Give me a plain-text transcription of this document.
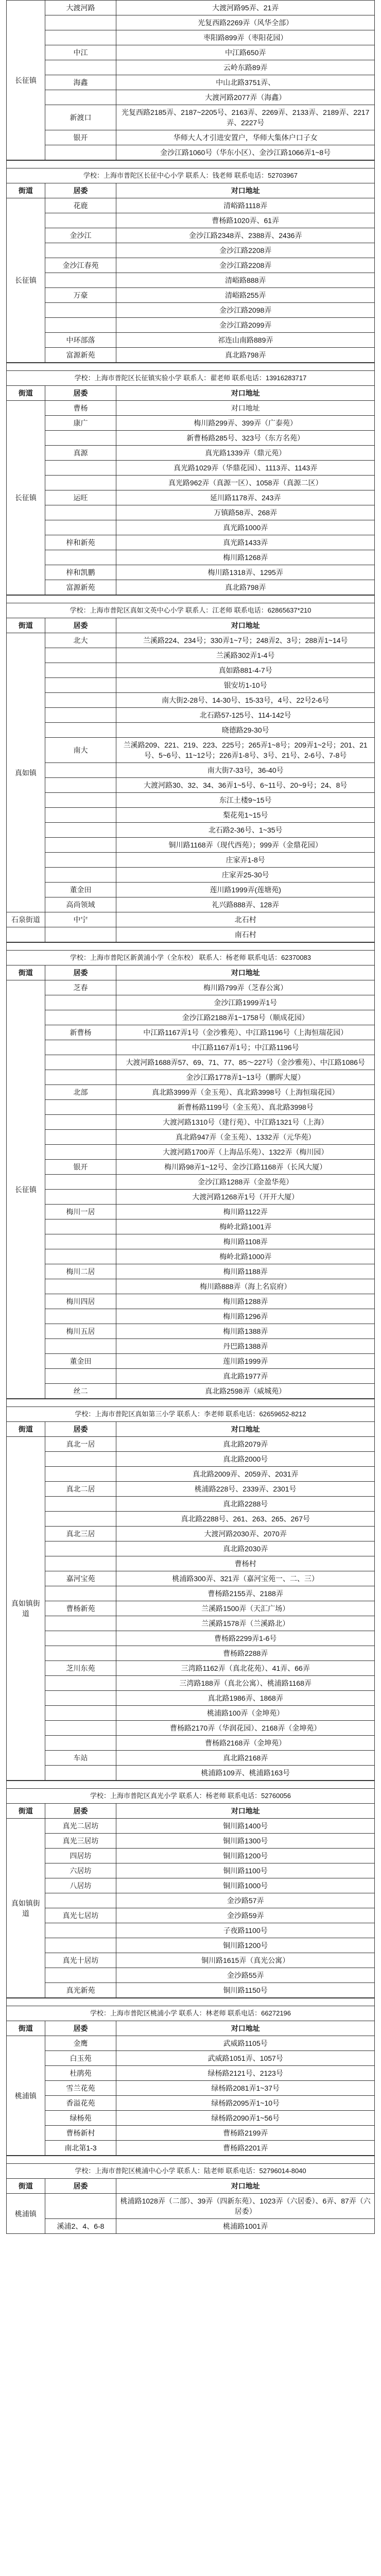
长征镇	大渡河路	大渡河路95弄、21弄
		光复西路2269弄（风华全部）
		枣阳路899弄（枣阳花园）
	中江	中江路650弄
		云岭东路89弄
	海鑫	中山北路3751弄、
		大渡河路2077弄（海鑫）
	新渡口	光复西路2185弄、2187~2205号、2163弄、2269弄、2133弄、2189弄、2217弄、2227号
	银开	华师大人才引进安置户，华师大集体户口子女
		金沙江路1060号（华东小区）、金沙江路1066弄1~8号

学校：上海市普陀区长征中心小学 联系人：钱老师 联系电话：52703967		
街道	居委	对口地址
长征镇	花鹿	清峪路1118弄
		曹杨路1020弄、61弄
	金沙江	金沙江路2348弄、2388弄、2436弄
		金沙江路2208弄
	金沙江春苑	金沙江路2208弄
		清峪路888弄
	万豪	清峪路255弄
		金沙江路2098弄
		金沙江路2099弄
	中环部落	祁连山南路889弄
	富源新苑	真北路798弄

学校：上海市普陀区长征镇实验小学 联系人：翟老师 联系电话：13916283717		
街道	居委	对口地址
长征镇	曹杨	对口地址
	康广	梅川路299弄、399弄（广泰苑）
		新曹杨路285号、323号（东方名苑）
	真源	真光路1339弄（鼎元苑）
		真光路1029弄（华鼎花园）、1113弄、1143弄
		真光路962弄（真源一区）、1058弄（真源二区）
	运旺	延川路1178弄、243弄
		万镇路58弄、268弄
		真光路1000弄
	梓和新苑	真光路1433弄
		梅川路1268弄
	梓和凯鹏	梅川路1318弄、1295弄
	富源新苑	真北路798弄

学校：上海市普陀区真如文英中心小学 联系人：江老师 联系电话：62865637*210		
街道	居委	对口地址
真如镇	北大	兰溪路224、234号；330弄1~7号；248弄2、3号；288弄1~14号
		兰溪路302弄1-4号
		真如路881-4-7号
		银安坊1-10号
		南大街2-28号、14-30号、15-33号，4号、22号2-6号
		北石路57-125号、114-142号
		晓德路29-30号
	南大	兰溪路209、221、219、223、225号；265弄1~8号；209弄1~2号；201、21号、5~6号、11~12号；226弄1-8号、3号、21号、2-6号、7-8号
		南大街7-33号，36-40号
		大渡河路30、32、34、36弄1~5号、6~11号、20~9号；24、8号
		东江土楼9~15号
		梨花苑1~15号
		北石路2-36号、1~35号
		铜川路1168弄（现代西苑）；999弄（金鼎花园）
		庄家弄1-8号
		庄家弄25-30号
	董金田	莲川路1999弄(莲塘苑)
	高尚领域	礼兴路888弄、128弄
石泉街道	中宁	北石村
		南石村

学校：上海市普陀区新黄浦小学（全东校） 联系人：杨老师 联系电话：62370083		
街道	居委	对口地址
长征镇	芝春	梅川路799弄（芝春公寓）
		金沙江路1999弄1号
		金沙江路2188弄1~1758号（顺成花园）
	新曹杨	中江路1167弄1号（金沙雅苑）、中江路1196号（上海恒瑞花园）
		中江路1167弄1号；中江路1196号
		大渡河路1688弄57、69、71、77、85～227号（金沙雅苑）、中江路1086号
		金沙江路1778弄1~13号（鹏晖大厦）
	北部	真北路3999弄（金玉苑）、真北路3998号（上海恒瑞花园）
		新曹杨路1199号（金玉苑）、真北路3998号
		大渡河路1310号（建行苑）、中江路1321号（上海）
		真北路947弄（金玉苑）、1332弄（元华苑）
		大渡河路1700弄（上海品乐苑）、1322弄（梅川园）
	银开	梅川路98弄1~12号、金沙江路1168弄（长风大厦）
		金沙江路1288弄（金盈华苑）
		大渡河路1268弄1号（开开大厦）
	梅川一居	梅川路1122弄
		梅岭北路1001弄
		梅川路1108弄
		梅岭北路1000弄
	梅川二居	梅川路1188弄
		梅川路888弄（海上名宸府）
	梅川四居	梅川路1288弄
		梅川路1296弄
	梅川五居	梅川路1388弄
		丹巴路1388弄
	董金田	莲川路1999弄
		真北路1977弄
	丝二	真北路2598弄（威城苑）

学校：上海市普陀区真如第三小学 联系人：李老师 联系电话：62659652-8212		
街道	居委	对口地址
真如镇街道	真北一居	真北路2079弄
		真北路2000号
		真北路2009弄、2059弄、2031弄
	真北二居	桃浦路228号、2339弄、2301号
		真北路2288号
		真北路2288号、261、263、265、267号
	真北三居	大渡河路2030弄、2070弄
		真北路2030弄
		曹杨村
	嘉河宝苑	桃浦路300弄、321弄（嘉河宝苑一、二、三）
		曹杨路2155弄、2188弄
	曹杨新苑	兰溪路1500弄（天汇广场）
		兰溪路1578弄（兰溪路北）
		曹杨路2299弄1-6号
		曹杨路2288弄
	芝川东苑	三湾路1162弄（真北花苑）、41弄、66弄
		三湾路188弄（真北公寓）、桃浦路1168弄
		真北路1986弄、1868弄
		桃浦路100弄（金坤苑）
		曹杨路2170弄（华润花园）、2168弄（金坤苑）
		曹杨路2168弄（金坤苑）
	车站	真北路2168弄
		桃浦路109弄、桃浦路163号

学校：上海市普陀区真光小学 联系人：杨老师 联系电话：52760056		
街道	居委	对口地址
真如镇街道	真光二居坊	铜川路1400号
	真光三居坊	铜川路1300号
	四居坊	铜川路1200号
	六居坊	铜川路1100号
	八居坊	铜川路1000号
		金沙路57弄
	真光七居坊	金沙路59弄
		子夜路1100号
		铜川路1200号
	真光十居坊	铜川路1615弄（真光公寓）
		金沙路55弄
	真光新苑	铜川路1150号

学校：上海市普陀区桃浦小学 联系人：林老师 联系电话：66272196		
街道	居委	对口地址
桃浦镇	金鹰	武威路1105号
	白玉苑	武威路1051弄、1057号
	杜鹃苑	绿杨路2121号、2123号
	雪兰花苑	绿杨路2081弄1~37号
	香溢花苑	绿杨路2095弄1~10号
	绿杨苑	绿杨路2090弄1~56号
	曹杨新村	曹杨路2199弄
	南北第1-3	曹杨路2201弄

学校：上海市普陀区桃浦中心小学 联系人：陆老师 联系电话：52796014-8040		
街道	居委	对口地址
桃浦镇		桃浦路1028弄（二部）、39弄（四新东苑）、1023弄（六居委）、6弄、87弄（六居委）
	溪浦2、4、6-8	桃浦路1001弄
